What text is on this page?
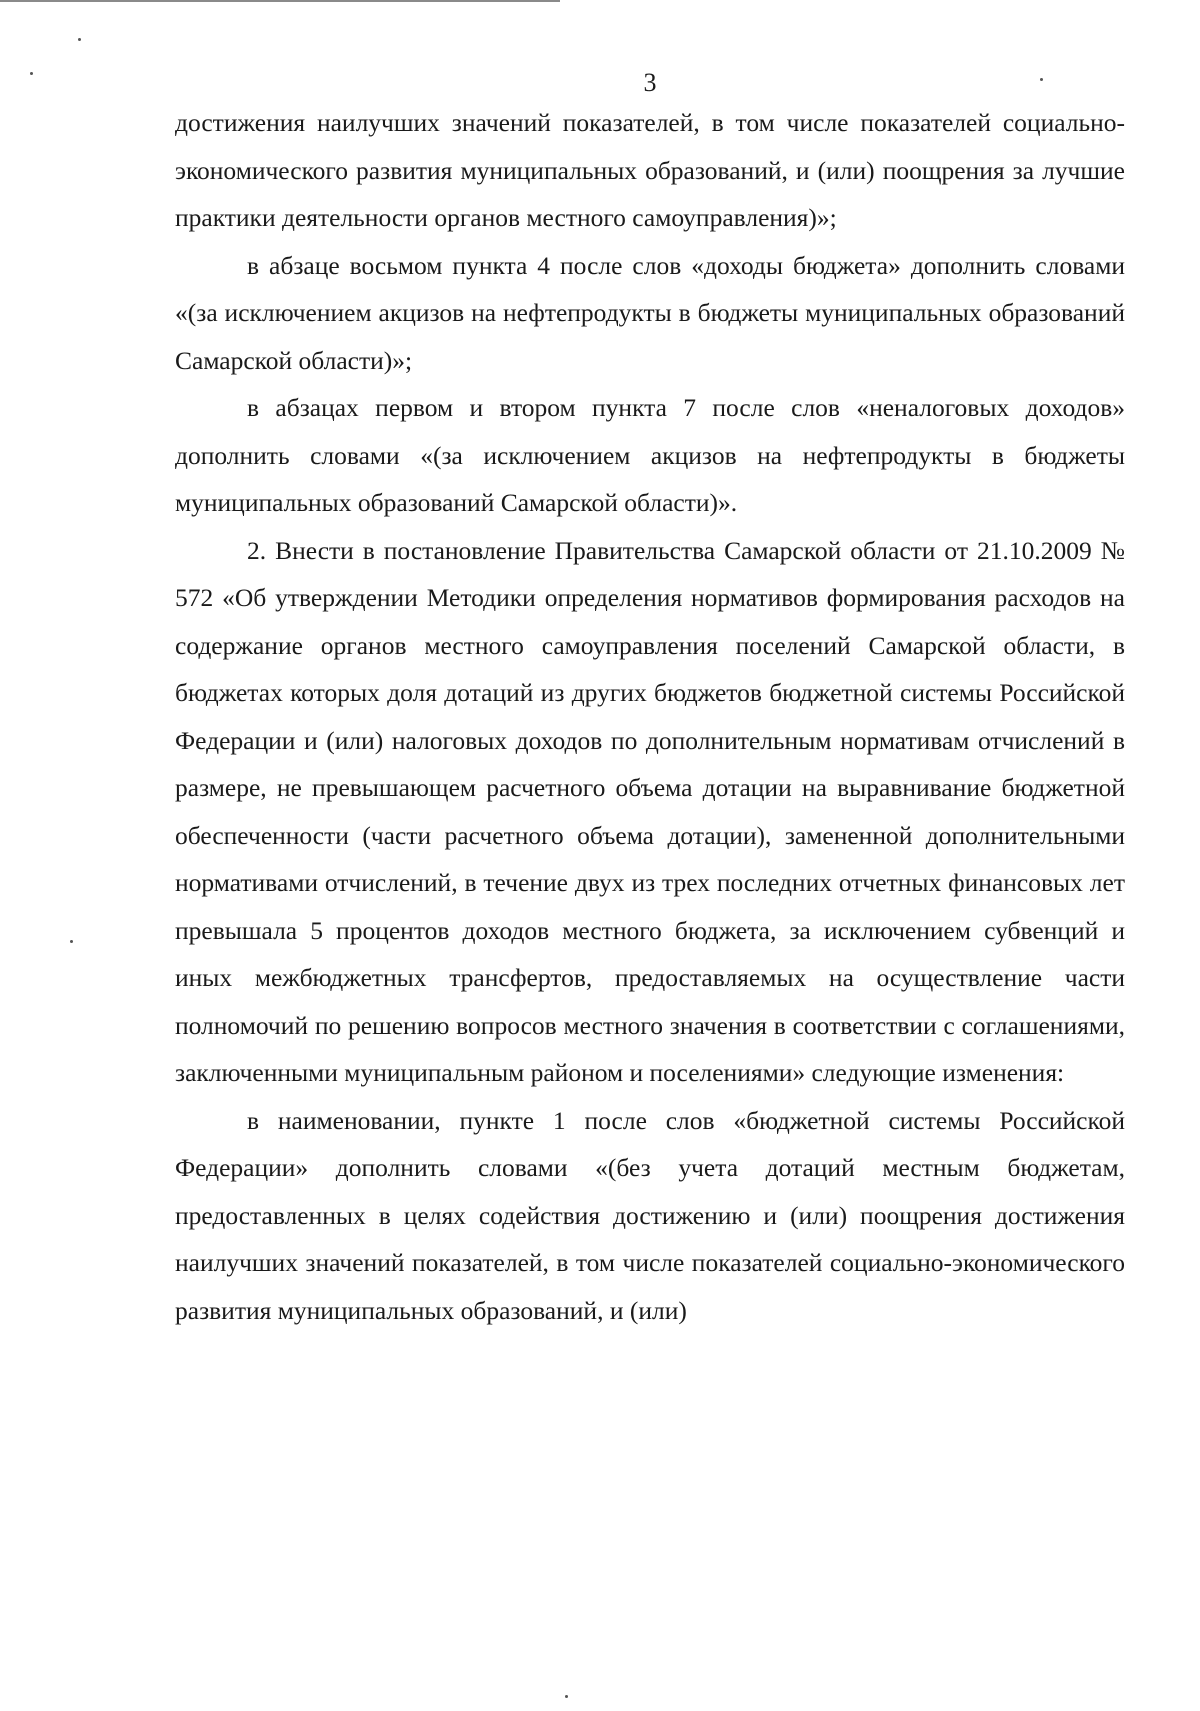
3

достижения наилучших значений показателей, в том числе показателей социально-экономического развития муниципальных образований, и (или) поощрения за лучшие практики деятельности органов местного самоуправления)»;

в абзаце восьмом пункта 4 после слов «доходы бюджета» дополнить словами «(за исключением акцизов на нефтепродукты в бюджеты муниципальных образований Самарской области)»;

в абзацах первом и втором пункта 7 после слов «неналоговых доходов» дополнить словами «(за исключением акцизов на нефтепродукты в бюджеты муниципальных образований Самарской области)».

2. Внести в постановление Правительства Самарской области от 21.10.2009 № 572 «Об утверждении Методики определения нормативов формирования расходов на содержание органов местного самоуправления поселений Самарской области, в бюджетах которых доля дотаций из других бюджетов бюджетной системы Российской Федерации и (или) налоговых доходов по дополнительным нормативам отчислений в размере, не превышающем расчетного объема дотации на выравнивание бюджетной обеспеченности (части расчетного объема дотации), замененной дополнительными нормативами отчислений, в течение двух из трех последних отчетных финансовых лет превышала 5 процентов доходов местного бюджета, за исключением субвенций и иных межбюджетных трансфертов, предоставляемых на осуществление части полномочий по решению вопросов местного значения в соответствии с соглашениями, заключенными муниципальным районом и поселениями» следующие изменения:

в наименовании, пункте 1 после слов «бюджетной системы Российской Федерации» дополнить словами «(без учета дотаций местным бюджетам, предоставленных в целях содействия достижению и (или) поощрения достижения наилучших значений показателей, в том числе показателей социально-экономического развития муниципальных образований, и (или)
